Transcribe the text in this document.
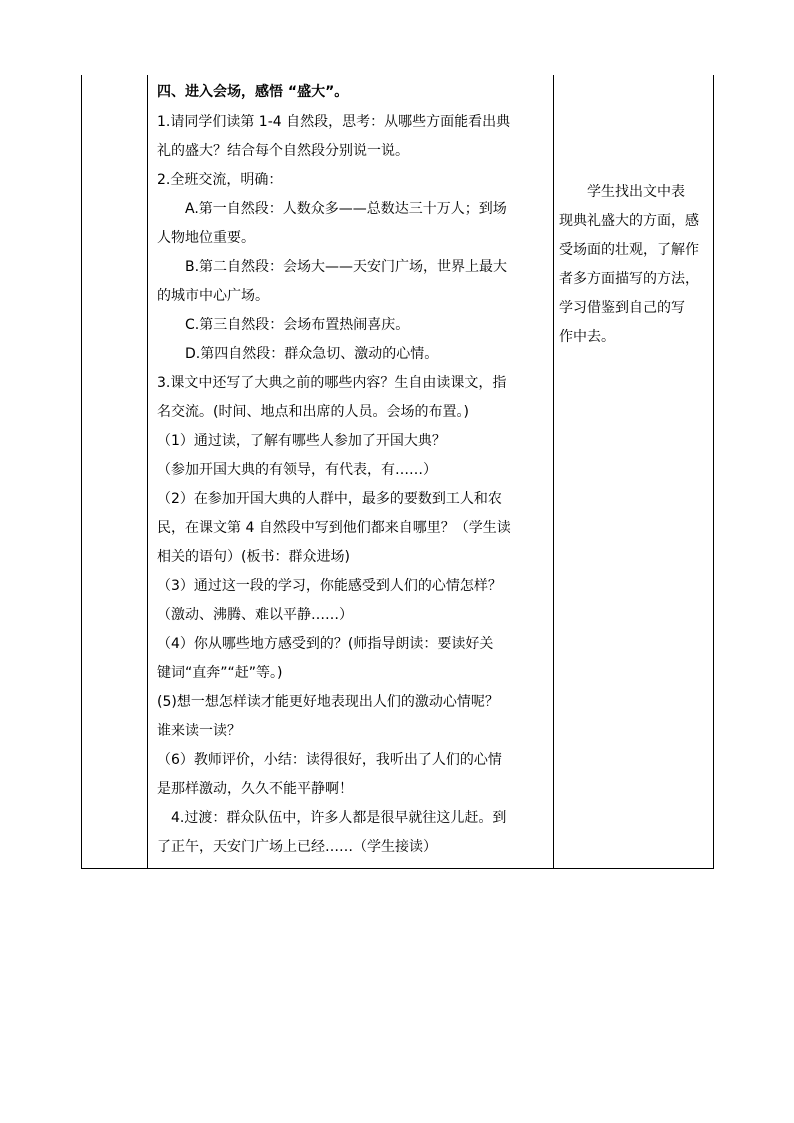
四、进入会场，感悟 “盛大”。
1.请同学们读第 1-4 自然段，思考：从哪些方面能看出典
礼的盛大？结合每个自然段分别说一说。
2.全班交流，明确：
A.第一自然段：人数众多——总数达三十万人；到场
人物地位重要。
B.第二自然段：会场大——天安门广场，世界上最大
的城市中心广场。
C.第三自然段：会场布置热闹喜庆。
D.第四自然段：群众急切、激动的心情。
3.课文中还写了大典之前的哪些内容？生自由读课文，指
名交流。(时间、地点和出席的人员。会场的布置。)
（1）通过读，了解有哪些人参加了开国大典？
（参加开国大典的有领导，有代表，有……）
（2）在参加开国大典的人群中，最多的要数到工人和农
民，在课文第 4 自然段中写到他们都来自哪里？（学生读
相关的语句）(板书：群众进场)
（3）通过这一段的学习，你能感受到人们的心情怎样？
（激动、沸腾、难以平静……）
（4）你从哪些地方感受到的？(师指导朗读：要读好关
键词“直奔”“赶”等。)
(5)想一想怎样读才能更好地表现出人们的激动心情呢？
谁来读一读？
（6）教师评价，小结：读得很好，我听出了人们的心情
是那样激动，久久不能平静啊！
4.过渡：群众队伍中，许多人都是很早就往这儿赶。到
了正午，天安门广场上已经……（学生接读）
学生找出文中表
现典礼盛大的方面，感
受场面的壮观，了解作
者多方面描写的方法，
学习借鉴到自己的写
作中去。
